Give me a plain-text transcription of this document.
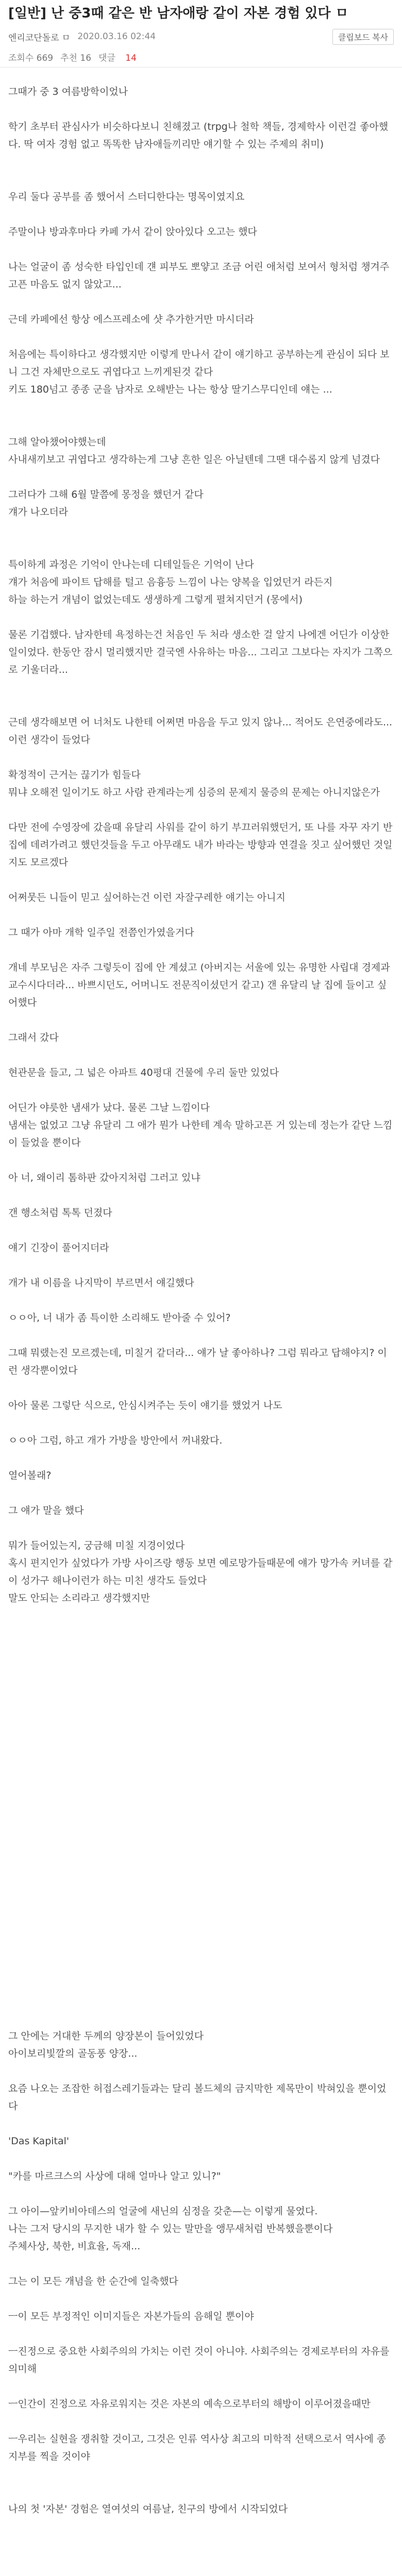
[일반] 난 중3때 같은 반 남자애랑 같이 자본 경험 있다 ㅁ
엔리코단돌로 ㅁ 2020.03.16 02:44	클립보드 복사
조회수 669 추천 16 댓글 14

그때가 중 3 여름방학이었나

학기 초부터 관심사가 비슷하다보니 친해졌고 (trpg나 철학 책들, 경제학사 이런걸 좋아했다. 딱 여자 경험 없고 똑똑한 남자애들끼리만 얘기할 수 있는 주제의 취미)

우리 둘다 공부를 좀 했어서 스터디한다는 명목이였지요

주말이나 방과후마다 카페 가서 같이 앉아있다 오고는 했다

나는 얼굴이 좀 성숙한 타입인데 걘 피부도 뽀얗고 조금 어린 애처럼 보여서 형처럼 챙겨주고픈 마음도 없지 않았고...

근데 카페에선 항상 에스프레소에 샷 추가한거만 마시더라

처음에는 특이하다고 생각했지만 이렇게 만나서 같이 얘기하고 공부하는게 관심이 되다 보니 그건 자체만으로도 귀엽다고 느끼게된것 같다

키도 180넘고 종종 군을 남자로 오해받는 나는 항상 딸기스무디인데 얘는 ...

그해 알아챘어야했는데

사내새끼보고 귀엽다고 생각하는게 그냥 흔한 일은 아닐텐데 그땐 대수롭지 않게 넘겼다

그러다가 그해 6월 말쯤에 몽정을 했던거 같다

걔가 나오더라

특이하게 과정은 기억이 안나는데 디테일들은 기억이 난다

걔가 처음에 파이트 답해를 털고 음흉등 느낌이 나는 양복을 입었던거 라든지

하늘 하는거 개념이 없었는데도 생생하게 그렇게 펼쳐지던거 (몽에서)

물론 기겁했다. 남자한테 욕정하는건 처음인 두 처라 생소한 걸 알지 나에겐 어딘가 이상한 일이었다. 한동안 잠시 멀리했지만 결국엔 사유하는 마음... 그리고 그보다는 자지가 그쪽으로 기울더라...

근데 생각해보면 어 너처도 나한테 어쩌면 마음을 두고 있지 않나... 적어도 은연중에라도... 이런 생각이 들었다

확정적이 근거는 끊기가 힘들다

뭐냐 오해전 일이기도 하고 사람 관계라는게 심증의 문제지 물증의 문제는 아니지않은가

다만 전에 수영장에 갔을때 유달리 사워를 같이 하기 부끄러워했던거, 또 나를 자꾸 자기 반 집에 데려가려고 했던것들을 두고 아무래도 내가 바라는 방향과 연결을 짓고 싶어했던 것일지도 모르겠다

어쩌뭇든 니들이 믿고 싶어하는건 이런 자잘구레한 얘기는 아니지

그 때가 아마 개학 일주일 전쯤인가였을거다

개네 부모님은 자주 그렇듯이 집에 안 계셨고 (아버지는 서울에 있는 유명한 사립대 경제과 교수시다더라... 바쁘시던도, 어머니도 전문직이셨던거 같고) 갠 유달리 날 집에 들이고 싶어했다

그래서 갔다

현관문을 들고, 그 넓은 아파트 40평대 건물에 우리 둘만 있었다

어딘가 야릇한 냄새가 났다. 물론 그날 느낌이다

냄새는 없었고 그냥 유달리 그 애가 뭔가 나한테 계속 말하고픈 거 있는데 정는가 같단 느낌이 들었을 뿐이다

아 너, 왜이리 톰하판 갔아지처럼 그러고 있냐

갠 행소처럼 톡톡 던졌다

얘기 긴장이 풀어지더라

개가 내 이름을 나지막이 부르면서 얘길했다

ㅇㅇ아, 너 내가 좀 특이한 소리해도 받아줄 수 있어?

그때 뭐랬는진 모르겠는데, 미칠거 같더라... 얘가 날 좋아하나? 그럼 뭐라고 답해야지? 이런 생각뿐이었다

아아 물론 그렇단 식으로, 안심시켜주는 듯이 얘기를 했었거 나도

ㅇㅇ아 그럼, 하고 개가 가방을 방안에서 꺼내왔다.

열어볼래?

그 얘가 말을 했다

뭐가 들어있는지, 궁금해 미칠 지경이었다

혹시 편지인가 싶었다가 가방 사이즈랑 행동 보면 예로망가들때문에 얘가 망가속 커녀를 같이 성가구 해나이런가 하는 미친 생각도 들었다

말도 안되는 소리라고 생각했지만

그 안에는 거대한 두께의 양장본이 들어있었다

아이보리빛깔의 골동풍 양장...

요즘 나오는 조잡한 허접스레기들과는 달리 볼드체의 금지막한 제목만이 박혀있을 뿐이었다

'Das Kapital'

"카를 마르크스의 사상에 대해 얼마나 알고 있니?"

그 아이—앞키비아데스의 얼굴에 새닌의 심정을 갖춘—는 이렇게 물었다.

나는 그저 당시의 무지한 내가 할 수 있는 말만을 앵무새처럼 반복했을뿐이다

주체사상, 북한, 비효율, 독재...

그는 이 모든 개념을 한 순간에 일축했다

ㅡ이 모든 부정적인 이미지들은 자본가들의 음해일 뿐이야

ㅡ진정으로 중요한 사회주의의 가치는 이런 것이 아니야. 사회주의는 경제로부터의 자유를 의미해

ㅡ인간이 진정으로 자유로워지는 것은 자본의 예속으로부터의 해방이 이루어졌을때만

ㅡ우리는 실현을 쟁취할 것이고, 그것은 인류 역사상 최고의 미학적 선택으로서 역사에 종지부를 찍을 것이야

나의 첫 '자본' 경험은 열여섯의 여름날, 친구의 방에서 시작되었다
